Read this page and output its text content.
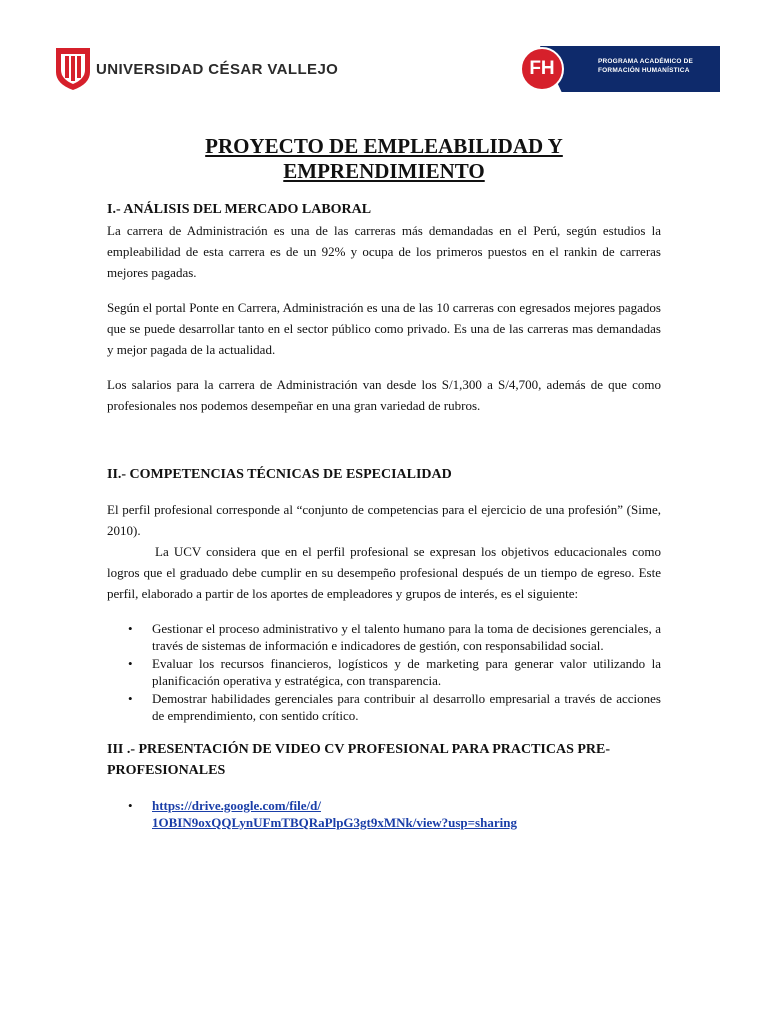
UNIVERSIDAD CÉSAR VALLEJO	FH	PROGRAMA ACADÉMICO DE FORMACIÓN HUMANÍSTICA
PROYECTO DE EMPLEABILIDAD Y EMPRENDIMIENTO
I.- ANÁLISIS DEL MERCADO LABORAL

La carrera de Administración es una de las carreras más demandadas en el Perú, según estudios la empleabilidad de esta carrera es de un 92% y ocupa de los primeros puestos en el rankin de carreras mejores pagadas.

Según el portal Ponte en Carrera, Administración es una de las 10 carreras con egresados mejores pagados que se puede desarrollar tanto en el sector público como privado. Es una de las carreras mas demandadas y mejor pagada de la actualidad.

Los salarios para la carrera de Administración van desde los S/1,300 a S/4,700, además de que como profesionales nos podemos desempeñar en una gran variedad de rubros.

II.- COMPETENCIAS TÉCNICAS DE ESPECIALIDAD

El perfil profesional corresponde al “conjunto de competencias para el ejercicio de una profesión” (Sime, 2010).

La UCV considera que en el perfil profesional se expresan los objetivos educacionales como logros que el graduado debe cumplir en su desempeño profesional después de un tiempo de egreso. Este perfil, elaborado a partir de los aportes de empleadores y grupos de interés, es el siguiente:

• Gestionar el proceso administrativo y el talento humano para la toma de decisiones gerenciales, a través de sistemas de información e indicadores de gestión, con responsabilidad social.
• Evaluar los recursos financieros, logísticos y de marketing para generar valor utilizando la planificación operativa y estratégica, con transparencia.
• Demostrar habilidades gerenciales para contribuir al desarrollo empresarial a través de acciones de emprendimiento, con sentido crítico.
III .- PRESENTACIÓN DE VIDEO CV PROFESIONAL PARA PRACTICAS PRE-PROFESIONALES
• https://drive.google.com/file/d/
1OBIN9oxQQLynUFmTBQRaPlpG3gt9xMNk/view?usp=sharing
